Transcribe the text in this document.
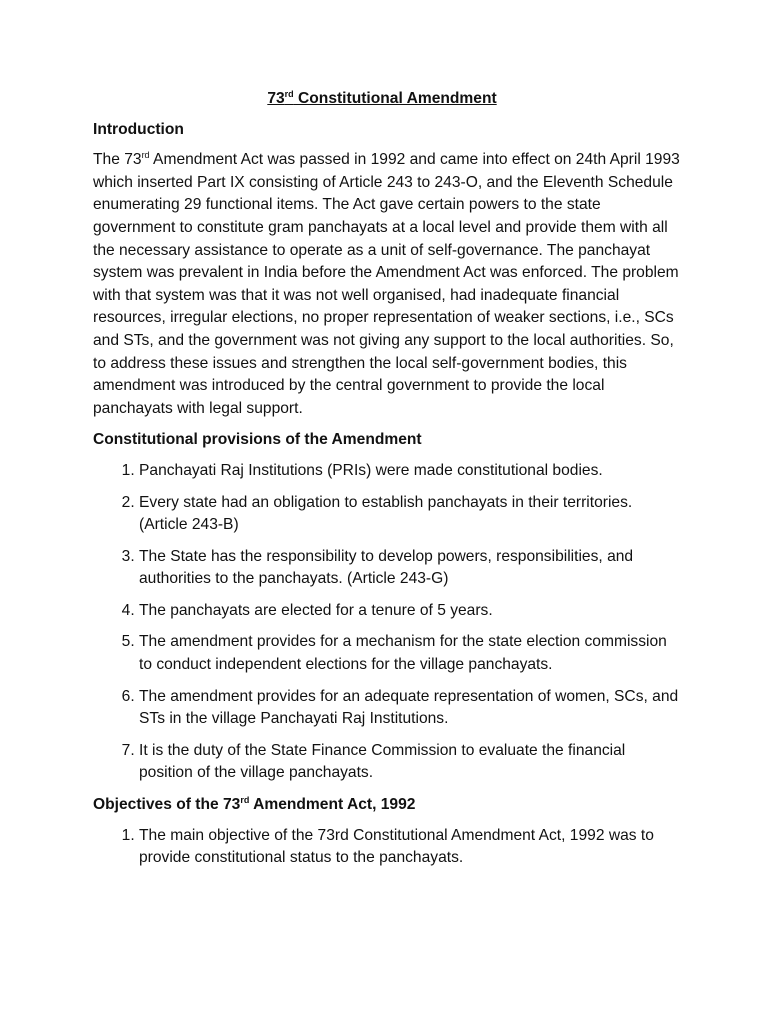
73rd Constitutional Amendment

Introduction

The 73rd Amendment Act was passed in 1992 and came into effect on 24th April 1993 which inserted Part IX consisting of Article 243 to 243-O, and the Eleventh Schedule enumerating 29 functional items. The Act gave certain powers to the state government to constitute gram panchayats at a local level and provide them with all the necessary assistance to operate as a unit of self-governance. The panchayat system was prevalent in India before the Amendment Act was enforced. The problem with that system was that it was not well organised, had inadequate financial resources, irregular elections, no proper representation of weaker sections, i.e., SCs and STs, and the government was not giving any support to the local authorities. So, to address these issues and strengthen the local self-government bodies, this amendment was introduced by the central government to provide the local panchayats with legal support.

Constitutional provisions of the Amendment

1. Panchayati Raj Institutions (PRIs) were made constitutional bodies.
2. Every state had an obligation to establish panchayats in their territories. (Article 243-B)
3. The State has the responsibility to develop powers, responsibilities, and authorities to the panchayats. (Article 243-G)
4. The panchayats are elected for a tenure of 5 years.
5. The amendment provides for a mechanism for the state election commission to conduct independent elections for the village panchayats.
6. The amendment provides for an adequate representation of women, SCs, and STs in the village Panchayati Raj Institutions.
7. It is the duty of the State Finance Commission to evaluate the financial position of the village panchayats.

Objectives of the 73rd Amendment Act, 1992

1. The main objective of the 73rd Constitutional Amendment Act, 1992 was to provide constitutional status to the panchayats.
